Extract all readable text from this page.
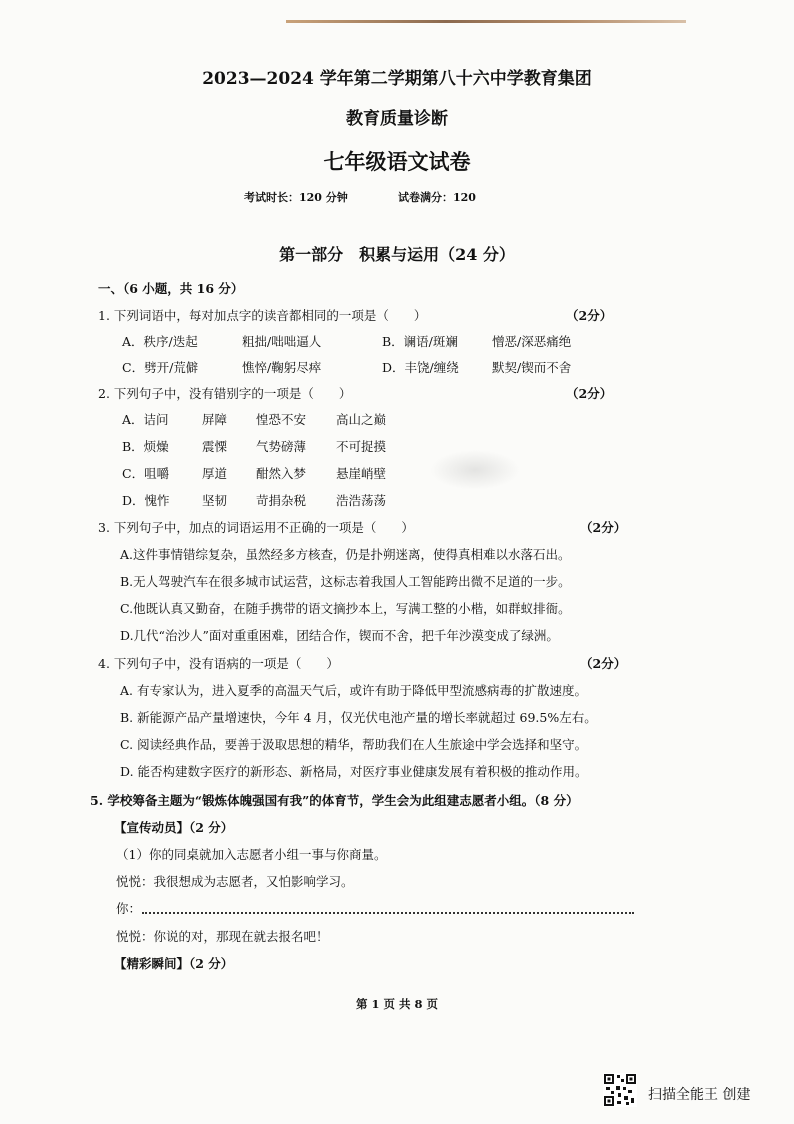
2023—2024 学年第二学期第八十六中学教育集团
教育质量诊断
七年级语文试卷
考试时长：120 分钟	试卷满分：120
第一部分　积累与运用（24 分）
一、（6 小题，共 16 分）
1. 下列词语中，每对加点字的读音都相同的一项是（　　）	（2分）
A．秩序/迭起	粗拙/咄咄逼人	B．谰语/斑斓	憎恶/深恶痛绝
C．劈开/荒僻	憔悴/鞠躬尽瘁	D．丰饶/缠绕	默契/锲而不舍
2. 下列句子中，没有错别字的一项是（　　）	（2分）
A．诘问	屏障 惶恐不安 高山之巅
B．烦燥	震慄 气势磅薄 不可捉摸
C．咀嚼	厚道 酣然入梦 悬崖峭壁
D．愧怍	坚韧 苛捐杂税 浩浩荡荡
3. 下列句子中，加点的词语运用不正确的一项是（　　）	（2分）
A.这件事情错综复杂，虽然经多方核查，仍是扑朔迷离，使得真相难以水落石出。
B.无人驾驶汽车在很多城市试运营，这标志着我国人工智能跨出微不足道的一步。
C.他既认真又勤奋，在随手携带的语文摘抄本上，写满工整的小楷，如群蚁排衙。
D.几代“治沙人”面对重重困难，团结合作，锲而不舍，把千年沙漠变成了绿洲。
4. 下列句子中，没有语病的一项是（　　）	（2分）
A. 有专家认为，进入夏季的高温天气后，或许有助于降低甲型流感病毒的扩散速度。
B. 新能源产品产量增速快，今年 4 月，仅光伏电池产量的增长率就超过 69.5%左右。
C. 阅读经典作品，要善于汲取思想的精华，帮助我们在人生旅途中学会选择和坚守。
D. 能否构建数字医疗的新形态、新格局，对医疗事业健康发展有着积极的推动作用。
5. 学校筹备主题为“锻炼体魄强国有我”的体育节，学生会为此组建志愿者小组。（8 分）
【宣传动员】（2 分）
（1）你的同桌就加入志愿者小组一事与你商量。
悦悦：我很想成为志愿者，又怕影响学习。
你：
悦悦：你说的对，那现在就去报名吧！
【精彩瞬间】（2 分）
第 1 页 共 8 页
扫描全能王 创建
